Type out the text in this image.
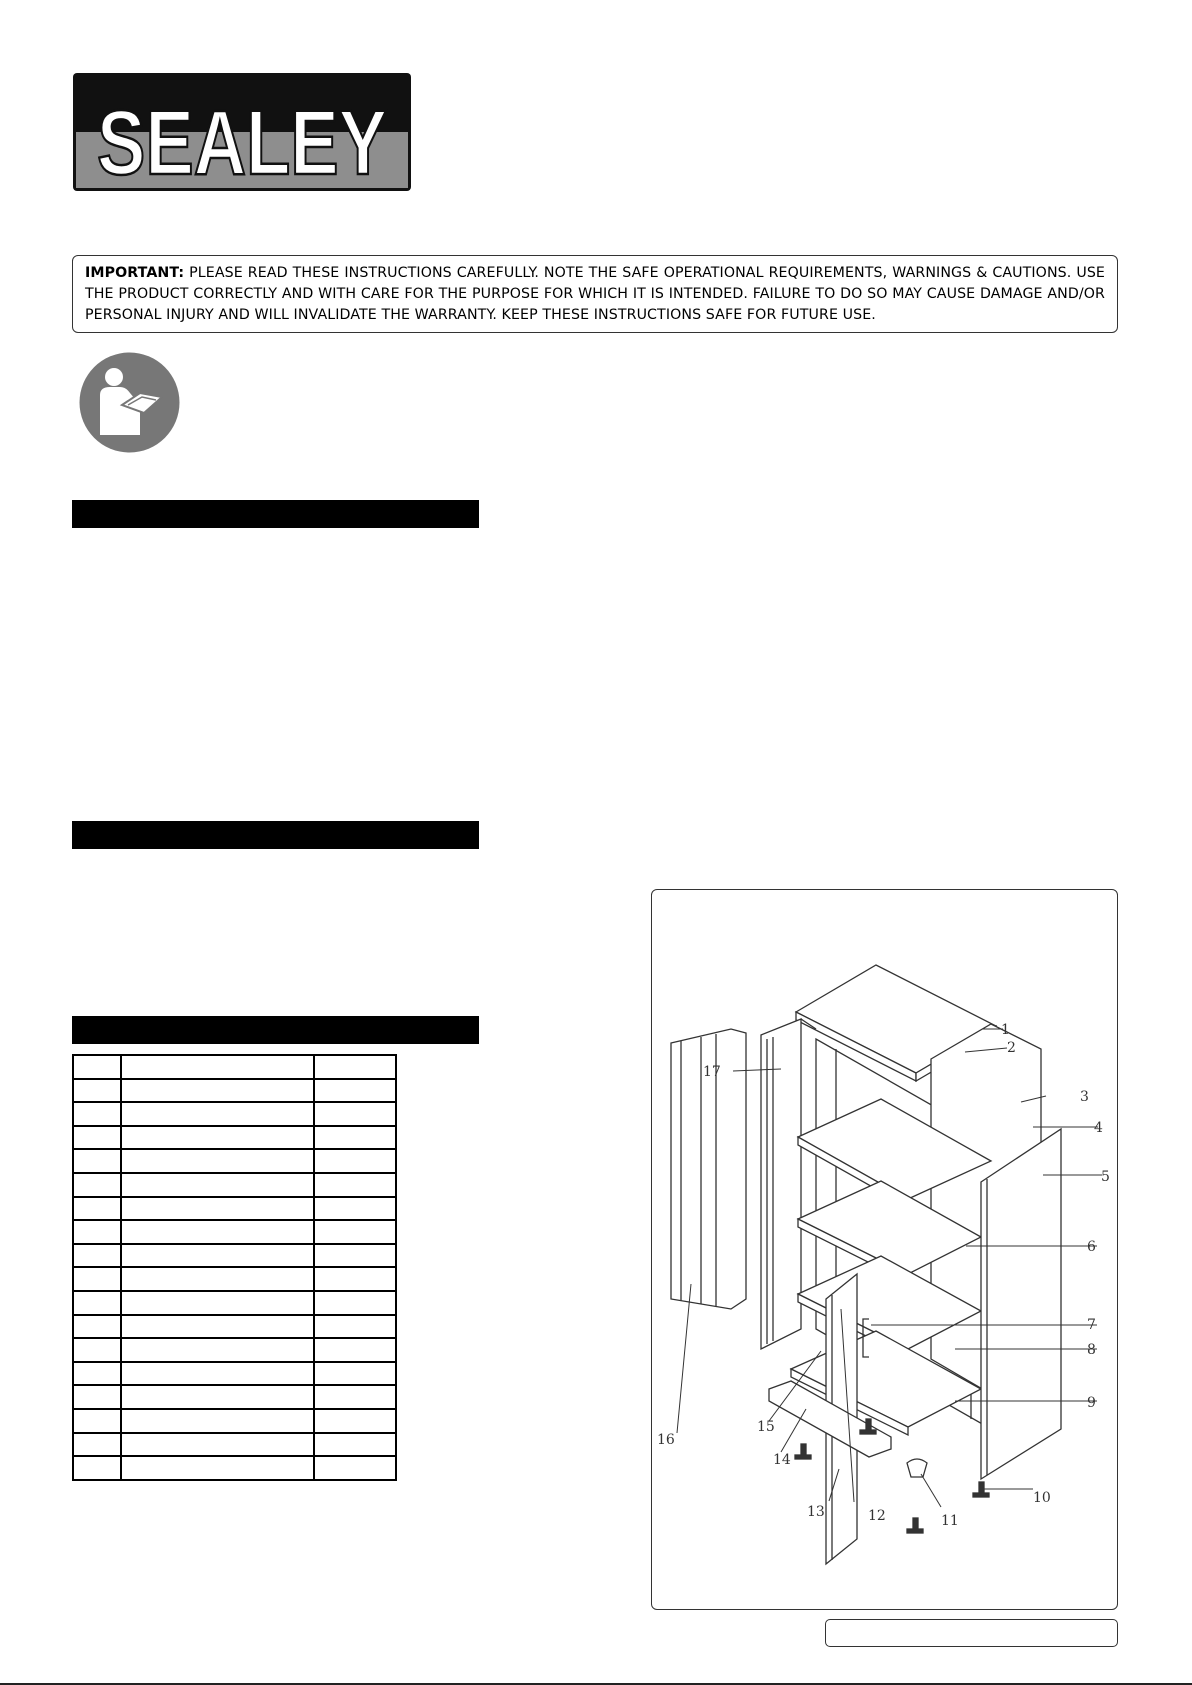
SEALEY
IMPORTANT: PLEASE READ THESE INSTRUCTIONS CAREFULLY. NOTE THE SAFE OPERATIONAL REQUIREMENTS, WARNINGS & CAUTIONS. USE THE PRODUCT CORRECTLY AND WITH CARE FOR THE PURPOSE FOR WHICH IT IS INTENDED. FAILURE TO DO SO MAY CAUSE DAMAGE AND/OR PERSONAL INJURY AND WILL INVALIDATE THE WARRANTY. KEEP THESE INSTRUCTIONS SAFE FOR FUTURE USE.

1
2
3
4
5
6
7
8
9
10
11
12
13
14
15
16
17
